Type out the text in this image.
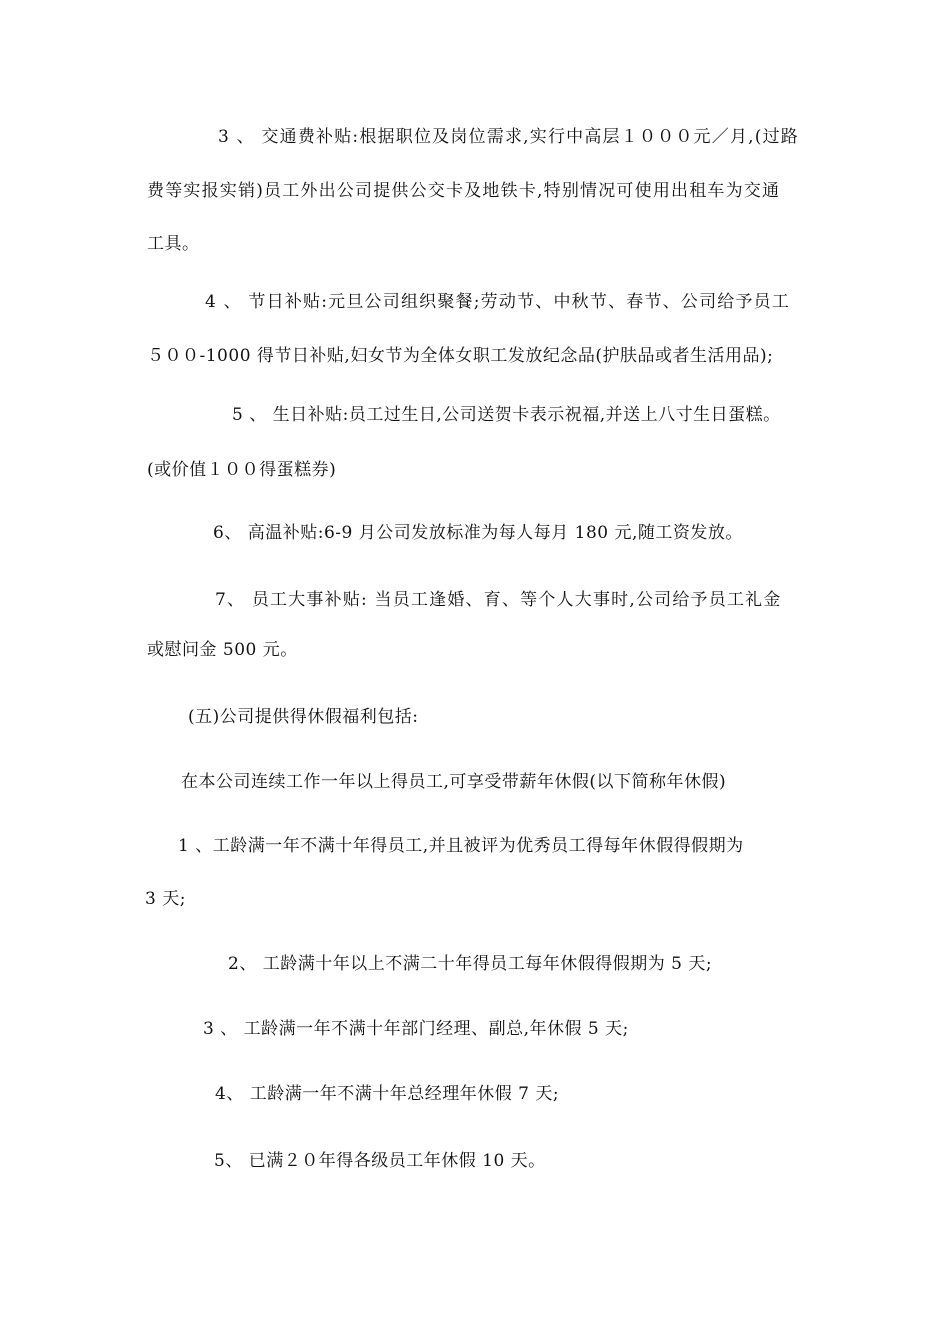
3 、 交通费补贴:根据职位及岗位需求,实行中高层１０００元／月,(过路
费等实报实销)员工外出公司提供公交卡及地铁卡,特别情况可使用出租车为交通
工具。
4 、 节日补贴:元旦公司组织聚餐;劳动节、中秋节、春节、公司给予员工
５００-1000 得节日补贴,妇女节为全体女职工发放纪念品(护肤品或者生活用品);
5 、 生日补贴:员工过生日,公司送贺卡表示祝福,并送上八寸生日蛋糕。
(或价值１００得蛋糕券)
6、 高温补贴:6-9 月公司发放标准为每人每月 180 元,随工资发放。
7、 员工大事补贴: 当员工逢婚、育、等个人大事时,公司给予员工礼金
或慰问金 500 元。
(五)公司提供得休假福利包括:
在本公司连续工作一年以上得员工,可享受带薪年休假(以下简称年休假)
1 、工龄满一年不满十年得员工,并且被评为优秀员工得每年休假得假期为
3 天;
2、 工龄满十年以上不满二十年得员工每年休假得假期为 5 天;
3 、 工龄满一年不满十年部门经理、副总,年休假 5 天;
4、 工龄满一年不满十年总经理年休假 7 天;
5、 已满２０年得各级员工年休假 10 天。
